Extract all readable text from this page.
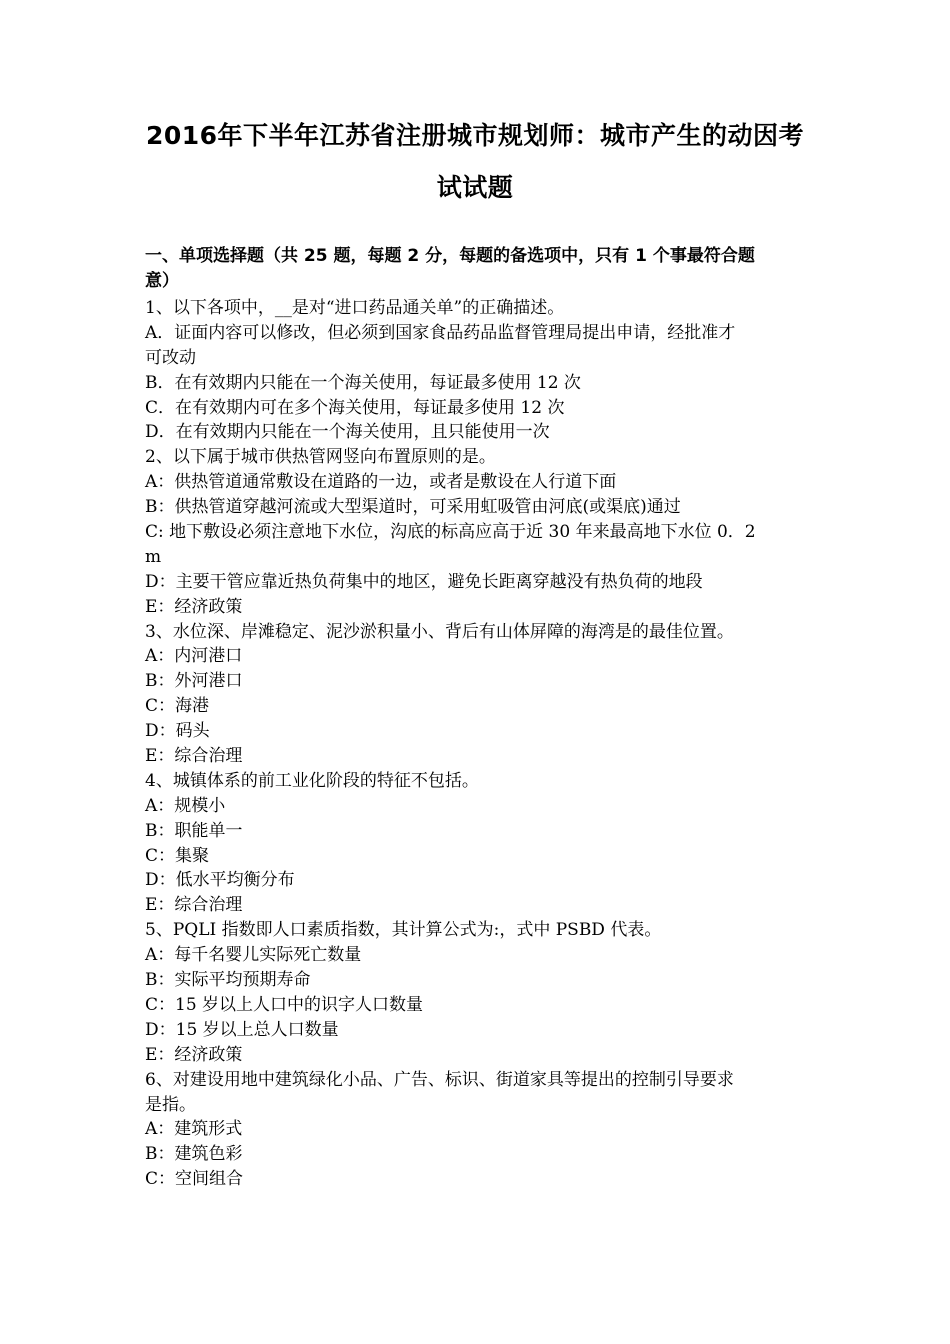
2016年下半年江苏省注册城市规划师：城市产生的动因考
试试题
一、单项选择题（共 25 题，每题 2 分，每题的备选项中，只有 1 个事最符合题
意）
1、以下各项中，__是对“进口药品通关单”的正确描述。
A．证面内容可以修改，但必须到国家食品药品监督管理局提出申请，经批准才
可改动
B．在有效期内只能在一个海关使用，每证最多使用 12 次
C．在有效期内可在多个海关使用，每证最多使用 12 次
D．在有效期内只能在一个海关使用，且只能使用一次
2、以下属于城市供热管网竖向布置原则的是。
A：供热管道通常敷设在道路的一边，或者是敷设在人行道下面
B：供热管道穿越河流或大型渠道时，可采用虹吸管由河底(或渠底)通过
C: 地下敷设必须注意地下水位，沟底的标高应高于近 30 年来最高地下水位 0．2
m
D：主要干管应靠近热负荷集中的地区，避免长距离穿越没有热负荷的地段
E：经济政策
3、水位深、岸滩稳定、泥沙淤积量小、背后有山体屏障的海湾是的最佳位置。
A：内河港口
B：外河港口
C：海港
D：码头
E：综合治理
4、城镇体系的前工业化阶段的特征不包括。
A：规模小
B：职能单一
C：集聚
D：低水平均衡分布
E：综合治理
5、PQLI 指数即人口素质指数，其计算公式为:，式中 PSBD 代表。
A：每千名婴儿实际死亡数量
B：实际平均预期寿命
C：15 岁以上人口中的识字人口数量
D：15 岁以上总人口数量
E：经济政策
6、对建设用地中建筑绿化小品、广告、标识、街道家具等提出的控制引导要求
是指。
A：建筑形式
B：建筑色彩
C：空间组合
